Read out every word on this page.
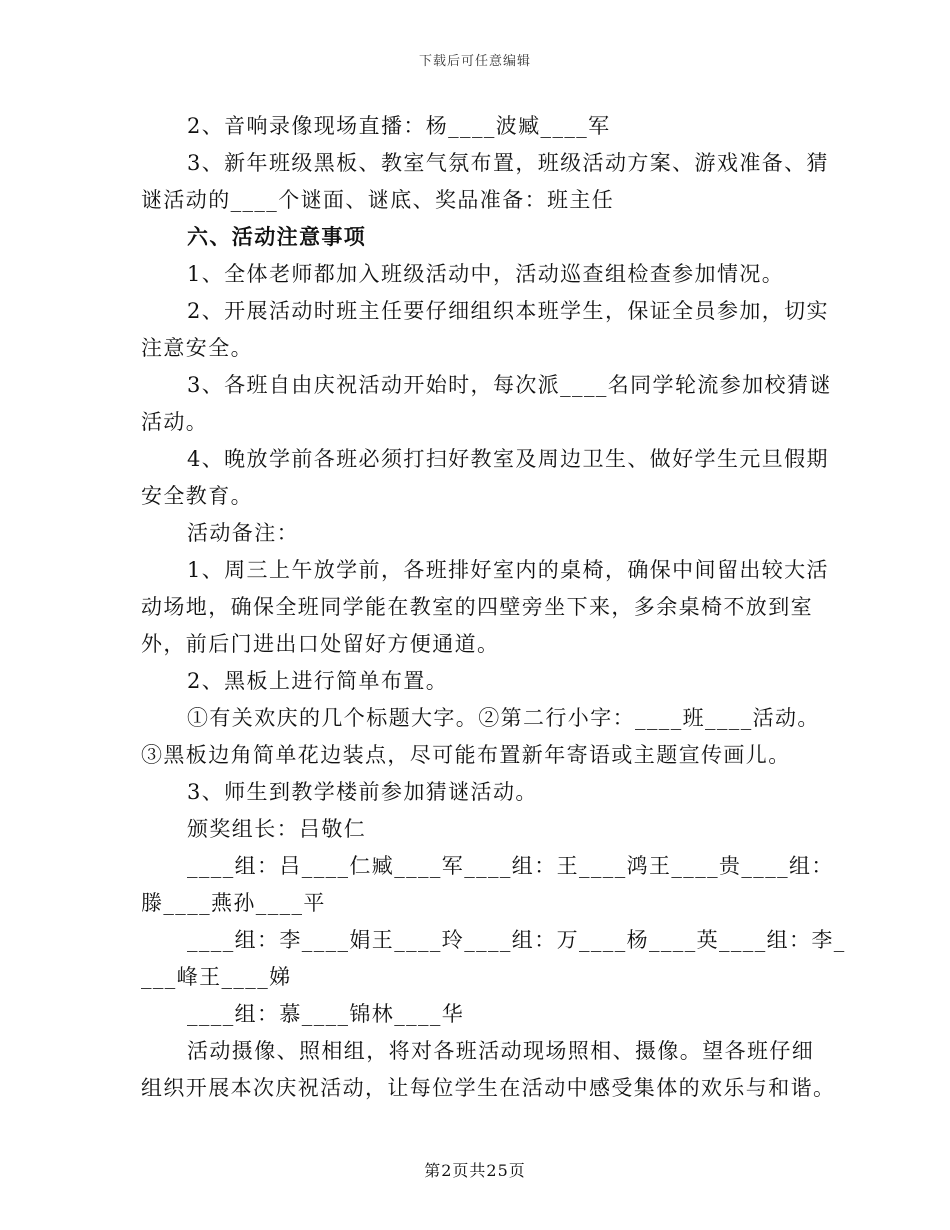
下载后可任意编辑
2、音响录像现场直播：杨____波臧____军
3、新年班级黑板、教室气氛布置，班级活动方案、游戏准备、猜
谜活动的____个谜面、谜底、奖品准备：班主任
六、活动注意事项
1、全体老师都加入班级活动中，活动巡查组检查参加情况。
2、开展活动时班主任要仔细组织本班学生，保证全员参加，切实
注意安全。
3、各班自由庆祝活动开始时，每次派____名同学轮流参加校猜谜
活动。
4、晚放学前各班必须打扫好教室及周边卫生、做好学生元旦假期
安全教育。
活动备注：
1、周三上午放学前，各班排好室内的桌椅，确保中间留出较大活
动场地，确保全班同学能在教室的四壁旁坐下来，多余桌椅不放到室
外，前后门进出口处留好方便通道。
2、黑板上进行简单布置。
①有关欢庆的几个标题大字。②第二行小字：____班____活动。
③黑板边角简单花边装点，尽可能布置新年寄语或主题宣传画儿。
3、师生到教学楼前参加猜谜活动。
颁奖组长：吕敬仁
____组：吕____仁臧____军____组：王____鸿王____贵____组：
滕____燕孙____平
____组：李____娟王____玲____组：万____杨____英____组：李_
___峰王____娣
____组：慕____锦林____华
活动摄像、照相组，将对各班活动现场照相、摄像。望各班仔细
组织开展本次庆祝活动，让每位学生在活动中感受集体的欢乐与和谐。
第2页共25页
